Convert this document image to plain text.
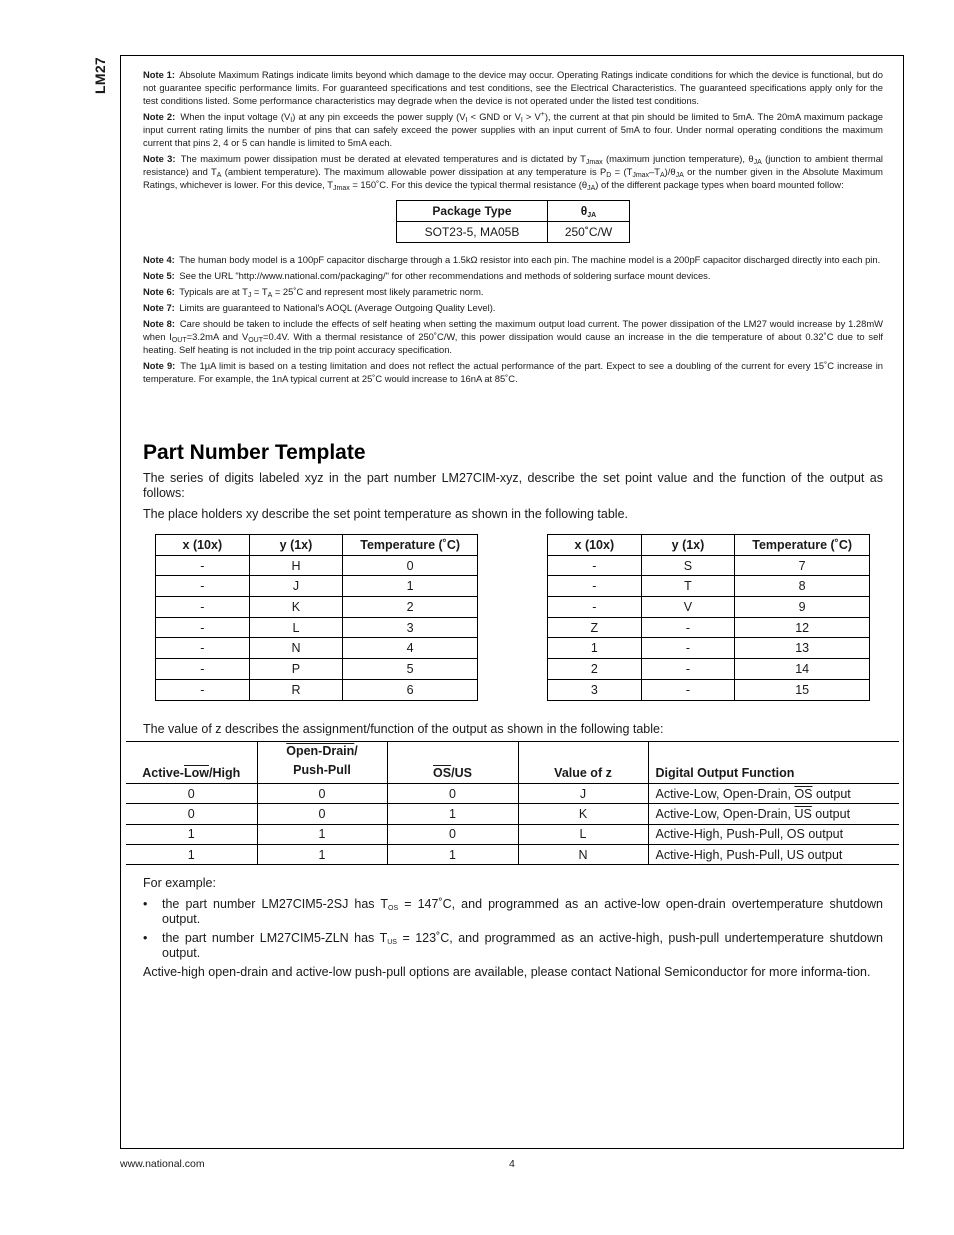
LM27	Note 1: Absolute Maximum Ratings indicate limits beyond which damage to the device may occur. Operating Ratings indicate conditions for which the device is functional, but do not guarantee specific performance limits. For guaranteed specifications and test conditions, see the Electrical Characteristics. The guaranteed specifications apply only for the test conditions listed. Some performance characteristics may degrade when the device is not operated under the listed test conditions.

Note 2: When the input voltage $(V_I)$ at any pin exceeds the power supply ($V_I$ < GND or $V_I > V^+$), the current at that pin should be limited to 5mA. The 20mA maximum package input current rating limits the number of pins that can safely exceed the power supplies with an input current of 5mA to four. Under normal operating conditions the maximum current that pins 2, 4 or 5 can handle is limited to 5mA each.

Note 3: The maximum power dissipation must be derated at elevated temperatures and is dictated by $T_{Jmax}$ (maximum junction temperature), $\theta_{JA}$ (junction to ambient thermal resistance) and $T_A$ (ambient temperature). The maximum allowable power dissipation at any temperature is $P_D = (T_{Jmax}-T_A)/\theta_{JA}$ or the number given in the Absolute Maximum Ratings, whichever is lower. For this device, $T_{Jmax}$ = 150˚C. For this device the typical thermal resistance $(\theta_{JA})$ of the different package types when board mounted follow:

Package Type	$\theta_{JA}$
SOT23-5, MA05B	250˚C/W

Note 4: The human body model is a 100pF capacitor discharge through a 1.5kΩ resistor into each pin. The machine model is a 200pF capacitor discharged directly into each pin.

Note 5: See the URL "http://www.national.com/packaging/" for other recommendations and methods of soldering surface mount devices.

Note 6: Typicals are at $T_J = T_A$ = 25˚C and represent most likely parametric norm.

Note 7: Limits are guaranteed to National's AOQL (Average Outgoing Quality Level).

Note 8: Care should be taken to include the effects of self heating when setting the maximum output load current. The power dissipation of the LM27 would increase by 1.28mW when $I_{OUT}=3.2mA$ and $V_{OUT}=0.4V$. With a thermal resistance of 250˚C/W, this power dissipation would cause an increase in the die temperature of about 0.32˚C due to self heating. Self heating is not included in the trip point accuracy specification.

Note 9: The 1µA limit is based on a testing limitation and does not reflect the actual performance of the part. Expect to see a doubling of the current for every 15˚C increase in temperature. For example, the 1nA typical current at 25˚C would increase to 16nA at 85˚C.

Part Number Template

The series of digits labeled xyz in the part number LM27CIM-xyz, describe the set point value and the function of the output as follows:

The place holders xy describe the set point temperature as shown in the following table.

x (10x)	y (1x)	Temperature (˚C)
-	H	0
-	J	1
-	K	2
-	L	3
-	N	4
-	P	5
-	R	6
x (10x)	y (1x)	Temperature (˚C)
-	S	7
-	T	8
-	V	9
Z	-	12
1	-	13
2	-	14
3	-	15

The value of z describes the assignment/function of the output as shown in the following table:

Active-$\overline{Low}$/High	Open-Drain/
Push-Pull	$\overline{OS}/US$	Value of z	Digital Output Function
0	0	0	J	Active-Low, Open-Drain, $\overline{OS}$ output
0	0	1	K	Active-Low, Open-Drain, $\overline{US}$ output
1	1	0	L	Active-High, Push-Pull, OS output
1	1	1	N	Active-High, Push-Pull, US output

For example:

• the part number LM27CIM5-2SJ has $T_{OS}$ = 147˚C, and programmed as an active-low open-drain overtemperature shutdown output.
• the part number LM27CIM5-ZLN has $T_{US}$ = 123˚C, and programmed as an active-high, push-pull undertemperature shutdown output.

Active-high open-drain and active-low push-pull options are available, please contact National Semiconductor for more informa-tion.

www.national.com	4
